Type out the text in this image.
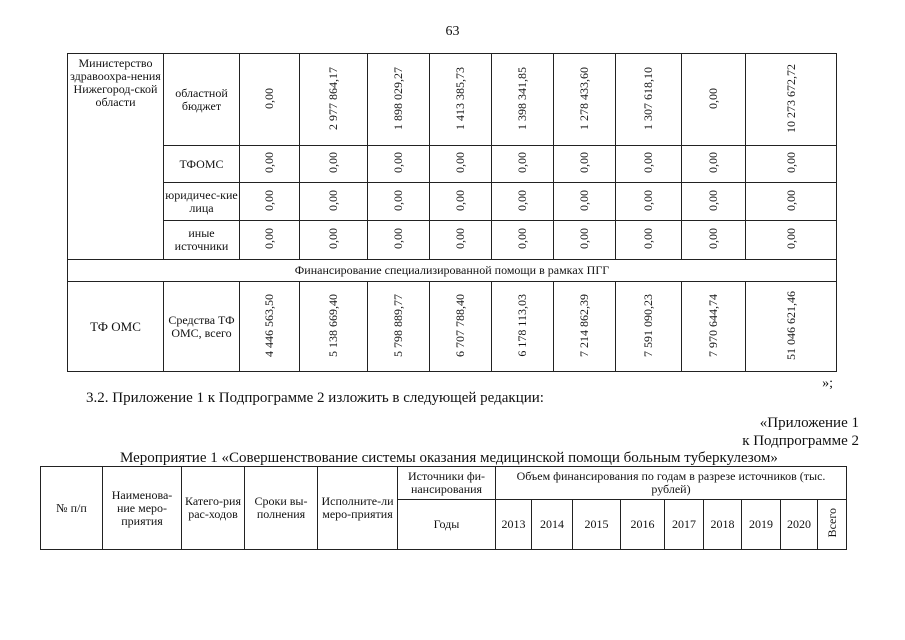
63
Министерство здравоохра-нения Нижегород-ской области	областной бюджет	0,00	2 977 864,17	1 898 029,27	1 413 385,73	1 398 341,85	1 278 433,60	1 307 618,10	0,00	10 273 672,72
	ТФОМС	0,00	0,00	0,00	0,00	0,00	0,00	0,00	0,00	0,00
	юридичес-кие лица	0,00	0,00	0,00	0,00	0,00	0,00	0,00	0,00	0,00
	иные источники	0,00	0,00	0,00	0,00	0,00	0,00	0,00	0,00	0,00
Финансирование специализированной помощи в рамках ПГГ										
ТФ ОМС	Средства ТФ ОМС, всего	4 446 563,50	5 138 669,40	5 798 889,77	6 707 788,40	6 178 113,03	7 214 862,39	7 591 090,23	7 970 644,74	51 046 621,46
»;
3.2. Приложение 1 к Подпрограмме 2 изложить в следующей редакции:
«Приложение 1
к Подпрограмме 2
Мероприятие 1 «Совершенствование системы оказания медицинской помощи больным туберкулезом»
№ п/п	Наименова-ние меро-приятия	Катего-рия рас-ходов	Сроки вы-полнения	Исполните-ли меро-приятия	Источники фи-нансирования	Объем финансирования по годам в разрезе источников (тыс. рублей)								
					Годы	2013	2014	2015	2016	2017	2018	2019	2020	Всего
